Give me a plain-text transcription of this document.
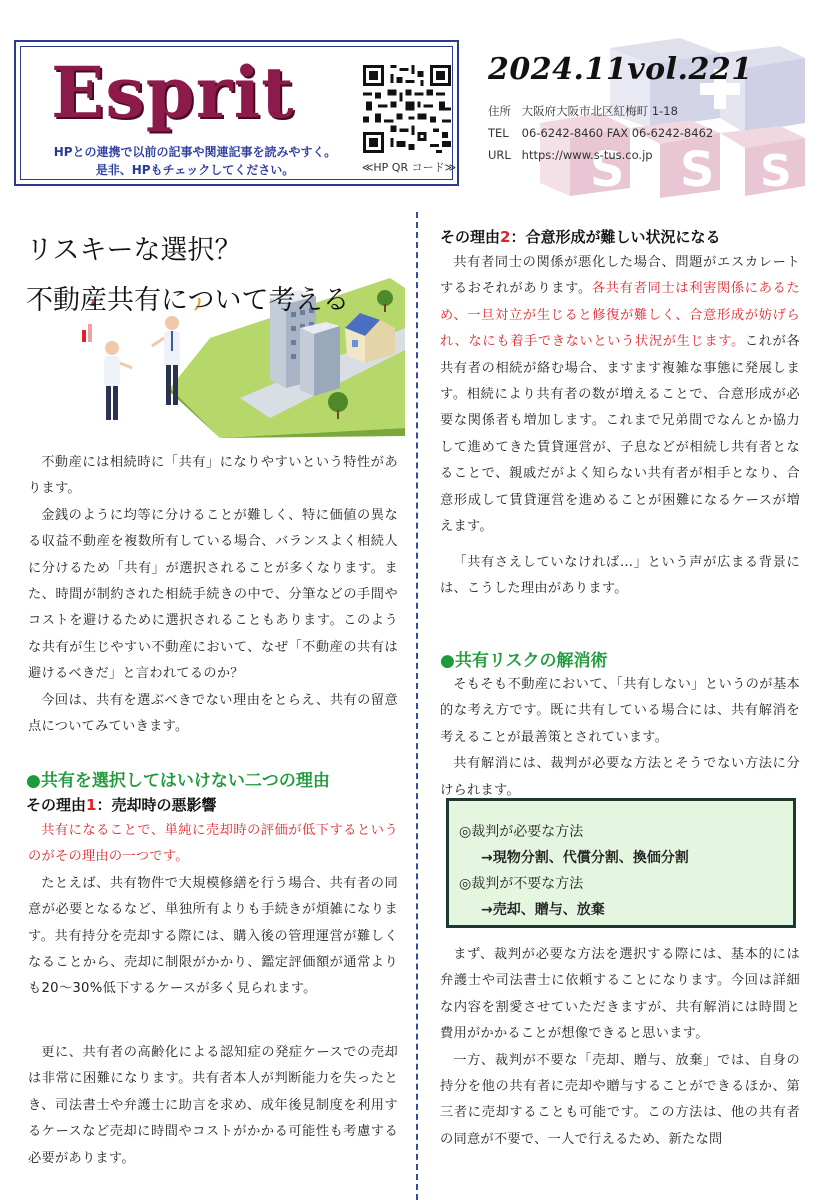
S S S
Esprit
HPとの連携で以前の記事や関連記事を読みやすく。
是非、HPもチェックしてください。	≪HP QR コード≫
2024.11vol.221
住所 大阪府大阪市北区紅梅町 1-18
TEL 06-6242-8460 FAX 06-6242-8462
URL https://www.s-tus.co.jp
リスキーな選択？
不動産共有について考える

不動産には相続時に「共有」になりやすいという特性があります。

金銭のように均等に分けることが難しく、特に価値の異なる収益不動産を複数所有している場合、バランスよく相続人に分けるため「共有」が選択されることが多くなります。また、時間が制約された相続手続きの中で、分筆などの手間やコストを避けるために選択されることもあります。このような共有が生じやすい不動産において、なぜ「不動産の共有は避けるべきだ」と言われてるのか？

今回は、共有を選ぶべきでない理由をとらえ、共有の留意点についてみていきます。

●共有を選択してはいけない二つの理由
その理由1：売却時の悪影響

共有になることで、単純に売却時の評価が低下するというのがその理由の一つです。

たとえば、共有物件で大規模修繕を行う場合、共有者の同意が必要となるなど、単独所有よりも手続きが煩雑になります。共有持分を売却する際には、購入後の管理運営が難しくなることから、売却に制限がかかり、鑑定評価額が通常よりも20～30%低下するケースが多く見られます。

更に、共有者の高齢化による認知症の発症ケースでの売却は非常に困難になります。共有者本人が判断能力を失ったとき、司法書士や弁護士に助言を求め、成年後見制度を利用するケースなど売却に時間やコストがかかる可能性も考慮する必要があります。

その理由2：合意形成が難しい状況になる

共有者同士の関係が悪化した場合、問題がエスカレートするおそれがあります。各共有者同士は利害関係にあるため、一旦対立が生じると修復が難しく、合意形成が妨げられ、なにも着手できないという状況が生じます。これが各共有者の相続が絡む場合、ますます複雑な事態に発展します。相続により共有者の数が増えることで、合意形成が必要な関係者も増加します。これまで兄弟間でなんとか協力して進めてきた賃貸運営が、子息などが相続し共有者となることで、親戚だがよく知らない共有者が相手となり、合意形成して賃貸運営を進めることが困難になるケースが増えます。

「共有さえしていなければ…」という声が広まる背景には、こうした理由があります。

●共有リスクの解消術

そもそも不動産において、「共有しない」というのが基本的な考え方です。既に共有している場合には、共有解消を考えることが最善策とされています。

共有解消には、裁判が必要な方法とそうでない方法に分けられます。

◎裁判が必要な方法
→現物分割、代償分割、換価分割
◎裁判が不要な方法
→売却、贈与、放棄

まず、裁判が必要な方法を選択する際には、基本的には弁護士や司法書士に依頼することになります。今回は詳細な内容を割愛させていただきますが、共有解消には時間と費用がかかることが想像できると思います。

一方、裁判が不要な「売却、贈与、放棄」では、自身の持分を他の共有者に売却や贈与することができるほか、第三者に売却することも可能です。この方法は、他の共有者の同意が不要で、一人で行えるため、新たな問
